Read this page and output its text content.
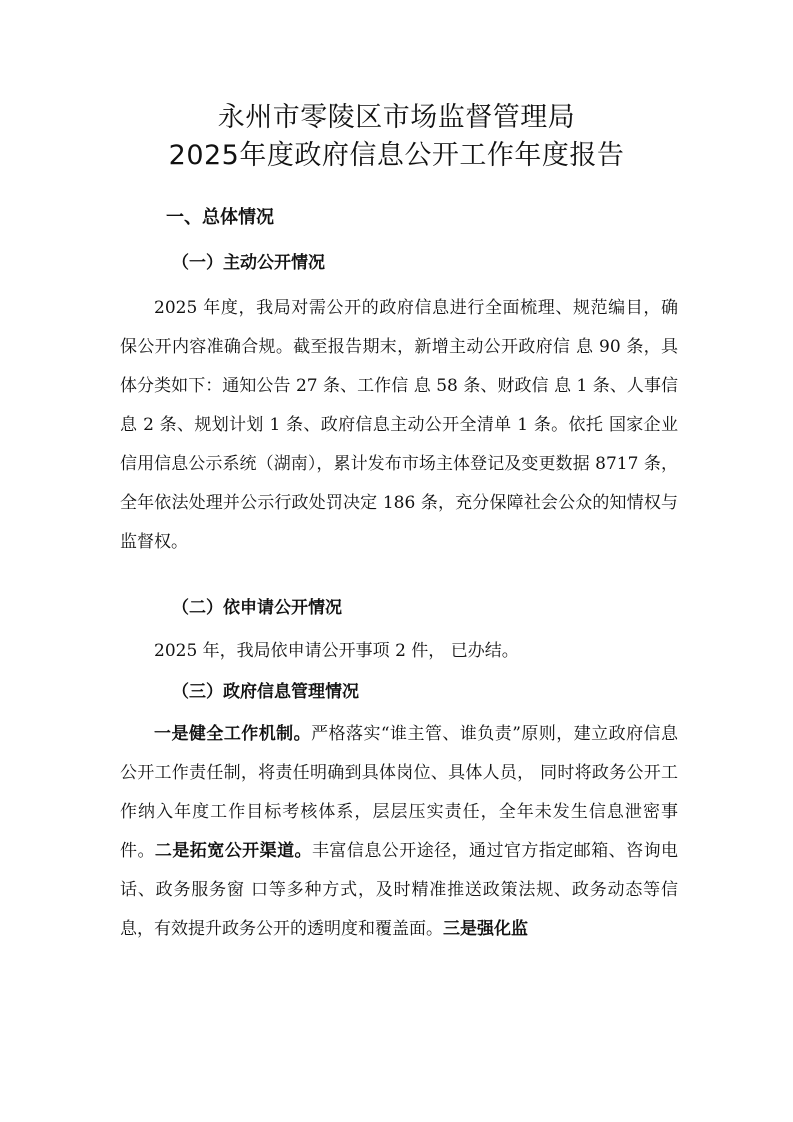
永州市零陵区市场监督管理局
2025年度政府信息公开工作年度报告
一、总体情况
（一）主动公开情况

2025 年度，我局对需公开的政府信息进行全面梳理、规范编目，确保公开内容准确合规。截至报告期末，新增主动公开政府信 息 90 条，具体分类如下：通知公告 27 条、工作信 息 58 条、财政信 息 1 条、人事信 息 2 条、规划计划 1 条、政府信息主动公开全清单 1 条。依托 国家企业信用信息公示系统（湖南），累计发布市场主体登记及变更数据 8717 条，全年依法处理并公示行政处罚决定 186 条，充分保障社会公众的知情权与监督权。

（二）依申请公开情况

2025 年，我局依申请公开事项 2 件， 已办结。

（三）政府信息管理情况

一是健全工作机制。严格落实“谁主管、谁负责”原则，建立政府信息公开工作责任制，将责任明确到具体岗位、具体人员， 同时将政务公开工作纳入年度工作目标考核体系，层层压实责任，全年未发生信息泄密事件。二是拓宽公开渠道。丰富信息公开途径，通过官方指定邮箱、咨询电话、政务服务窗 口等多种方式，及时精准推送政策法规、政务动态等信息，有效提升政务公开的透明度和覆盖面。三是强化监
